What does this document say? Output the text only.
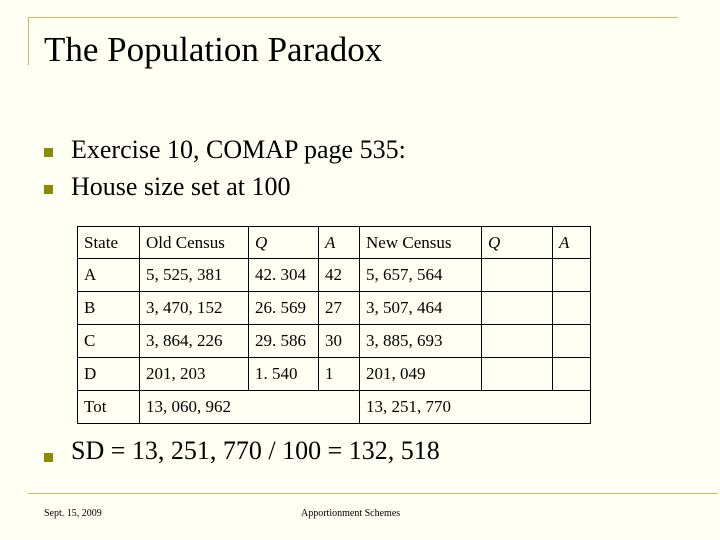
The Population Paradox
Exercise 10, COMAP page 535:
House size set at 100
State	Old Census	Q	A	New Census	Q	A
A	5, 525, 381	42. 304	42	5, 657, 564		
B	3, 470, 152	26. 569	27	3, 507, 464		
C	3, 864, 226	29. 586	30	3, 885, 693		
D	201, 203	1. 540	1	201, 049		
Tot	13, 060, 962			13, 251, 770		
SD = 13, 251, 770 / 100 = 132, 518
Sept. 15, 2009	Apportionment Schemes
